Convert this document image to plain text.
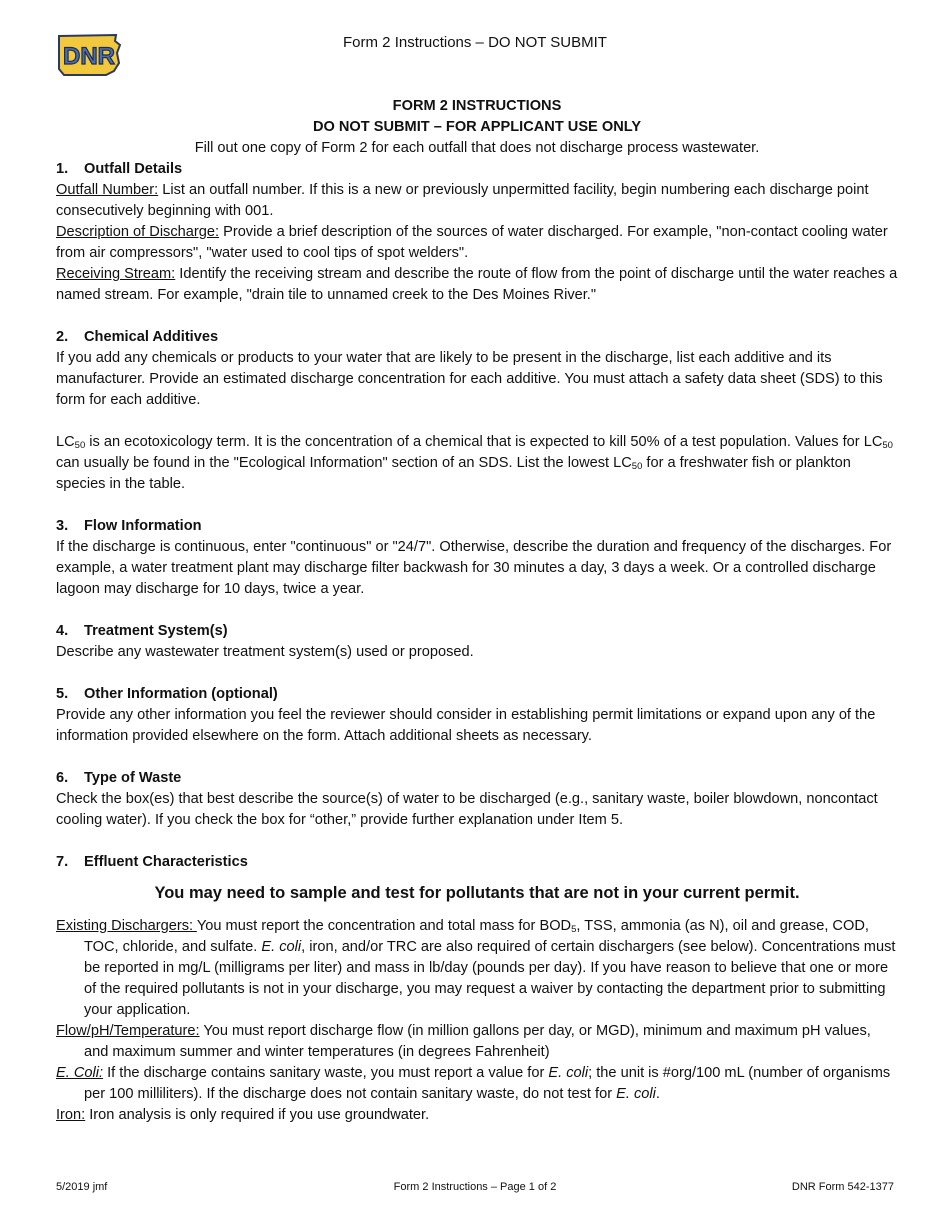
DNR
Form 2 Instructions – DO NOT SUBMIT

FORM 2 INSTRUCTIONS

DO NOT SUBMIT – FOR APPLICANT USE ONLY

Fill out one copy of Form 2 for each outfall that does not discharge process wastewater.

1. Outfall Details

Outfall Number: List an outfall number. If this is a new or previously unpermitted facility, begin numbering each discharge point consecutively beginning with 001.

Description of Discharge: Provide a brief description of the sources of water discharged. For example, "non-contact cooling water from air compressors", "water used to cool tips of spot welders".

Receiving Stream: Identify the receiving stream and describe the route of flow from the point of discharge until the water reaches a named stream. For example, "drain tile to unnamed creek to the Des Moines River."

2. Chemical Additives

If you add any chemicals or products to your water that are likely to be present in the discharge, list each additive and its manufacturer. Provide an estimated discharge concentration for each additive. You must attach a safety data sheet (SDS) to this form for each additive.

$LC_{50}$ is an ecotoxicology term. It is the concentration of a chemical that is expected to kill 50% of a test population. Values for $LC_{50}$ can usually be found in the "Ecological Information" section of an SDS. List the lowest $LC_{50}$ for a freshwater fish or plankton species in the table.

3. Flow Information

If the discharge is continuous, enter "continuous" or "24/7". Otherwise, describe the duration and frequency of the discharges. For example, a water treatment plant may discharge filter backwash for 30 minutes a day, 3 days a week. Or a controlled discharge lagoon may discharge for 10 days, twice a year.

4. Treatment System(s)

Describe any wastewater treatment system(s) used or proposed.

5. Other Information (optional)

Provide any other information you feel the reviewer should consider in establishing permit limitations or expand upon any of the information provided elsewhere on the form. Attach additional sheets as necessary.

6. Type of Waste

Check the box(es) that best describe the source(s) of water to be discharged (e.g., sanitary waste, boiler blowdown, noncontact cooling water). If you check the box for “other,” provide further explanation under Item 5.

7. Effluent Characteristics

You may need to sample and test for pollutants that are not in your current permit.

Existing Dischargers: You must report the concentration and total mass for $BOD_5$, TSS, ammonia (as N), oil and grease, COD, TOC, chloride, and sulfate. E. coli, iron, and/or TRC are also required of certain dischargers (see below). Concentrations must be reported in mg/L (milligrams per liter) and mass in lb/day (pounds per day). If you have reason to believe that one or more of the required pollutants is not in your discharge, you may request a waiver by contacting the department prior to submitting your application.

Flow/pH/Temperature: You must report discharge flow (in million gallons per day, or MGD), minimum and maximum pH values, and maximum summer and winter temperatures (in degrees Fahrenheit)

E. Coli: If the discharge contains sanitary waste, you must report a value for E. coli; the unit is #org/100 mL (number of organisms per 100 milliliters). If the discharge does not contain sanitary waste, do not test for E. coli.

Iron: Iron analysis is only required if you use groundwater.

5/2019 jmf	Form 2 Instructions – Page 1 of 2	DNR Form 542-1377
